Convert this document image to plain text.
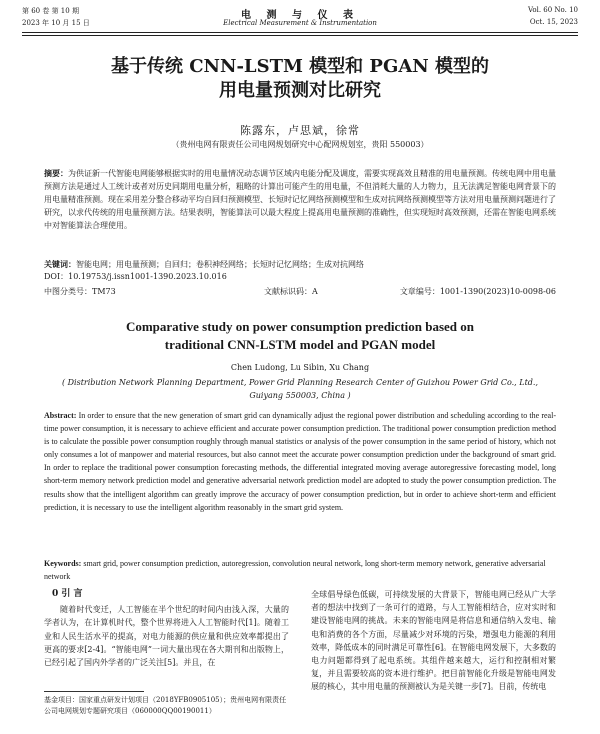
第 60 卷 第 10 期
2023 年 10 月 15 日
电 测 与 仪 表
Electrical Measurement & Instrumentation
Vol. 60 No. 10
Oct. 15, 2023
基于传统 CNN-LSTM 模型和 PGAN 模型的
用电量预测对比研究
陈露东，卢思斌，徐常
（贵州电网有限责任公司电网规划研究中心配网规划室，贵阳 550003）
摘要：为供证新一代智能电网能够根据实时的用电量情况动态调节区域内电能分配及调度，需要实现高效且精准的用电量预测。传统电网中用电量预测方法是通过人工统计或者对历史同期用电量分析，粗略的计算出可能产生的用电量，不但消耗大量的人力物力，且无法满足智能电网背景下的用电量精准预测。现在采用差分整合移动平均自回归预测模型、长短时记忆网络预测模型和生成对抗网络预测模型等方法对用电量预测问题进行了研究，以求代传统的用电量预测方法。结果表明，智能算法可以最大程度上提高用电量预测的准确性，但实现短时高效预测，还需在智能电网系统中对智能算法合理使用。
关键词：智能电网；用电量预测；自回归；卷积神经网络；长短时记忆网络；生成对抗网络
DOI：10.19753/j.issn1001-1390.2023.10.016
中图分类号：TM73	文献标识码：A	文章编号：1001-1390(2023)10-0098-06
Comparative study on power consumption prediction based on
traditional CNN-LSTM model and PGAN model
Chen Ludong, Lu Sibin, Xu Chang
( Distribution Network Planning Department, Power Grid Planning Research Center of Guizhou Power Grid Co., Ltd.,
Guiyang 550003, China )
Abstract: In order to ensure that the new generation of smart grid can dynamically adjust the regional power distribution and scheduling according to the real-time power consumption, it is necessary to achieve efficient and accurate power consumption prediction. The traditional power consumption prediction method is to calculate the possible power consumption roughly through manual statistics or analysis of the power consumption in the same period of history, which not only consumes a lot of manpower and material resources, but also cannot meet the accurate power consumption prediction under the background of smart grid. In order to replace the traditional power consumption forecasting methods, the differential integrated moving average autoregressive forecasting model, long short-term memory network prediction model and generative adversarial network prediction model are adopted to study the power consumption prediction. The results show that the intelligent algorithm can greatly improve the accuracy of power consumption prediction, but in order to achieve short-term and efficient prediction, it is necessary to use the intelligent algorithm reasonably in the smart grid system.
Keywords: smart grid, power consumption prediction, autoregression, convolution neural network, long short-term memory network, generative adversarial network
0 引 言
随着时代变迁，人工智能在半个世纪的时间内由浅入深，大量的学者认为，在计算机时代，整个世界将进入人工智能时代[1]。随着工业和人民生活水平的提高，对电力能源的供应量和供应效率都提出了更高的要求[2-4]。“智能电网”一词大量出现在各大期刊和出版物上，已经引起了国内外学者的广泛关注[5]。并且，在
全球倡导绿色低碳，可持续发展的大背景下，智能电网已经从广大学者的想法中找到了一条可行的道路，与人工智能相结合，应对实时和建设智能电网的挑战。未来的智能电网是将信息和通信纳入发电、输电和消费的各个方面，尽量减少对环境的污染，增强电力能源的利用效率，降低成本的同时满足可靠性[6]。在智能电网发展下，大多数的电力问题都得到了起电系统。其组件越来越大，运行和控制相对繁复，并且需要较高的资本进行维护。把目前智能化升级是智能电网发展的核心，其中用电量的预测被认为是关键一步[7]。目前，传统电
基金项目：国家重点研发计划项目（2018YFB0905105）；贵州电网有限责任公司电网规划专题研究项目（060000QQ00190011）
